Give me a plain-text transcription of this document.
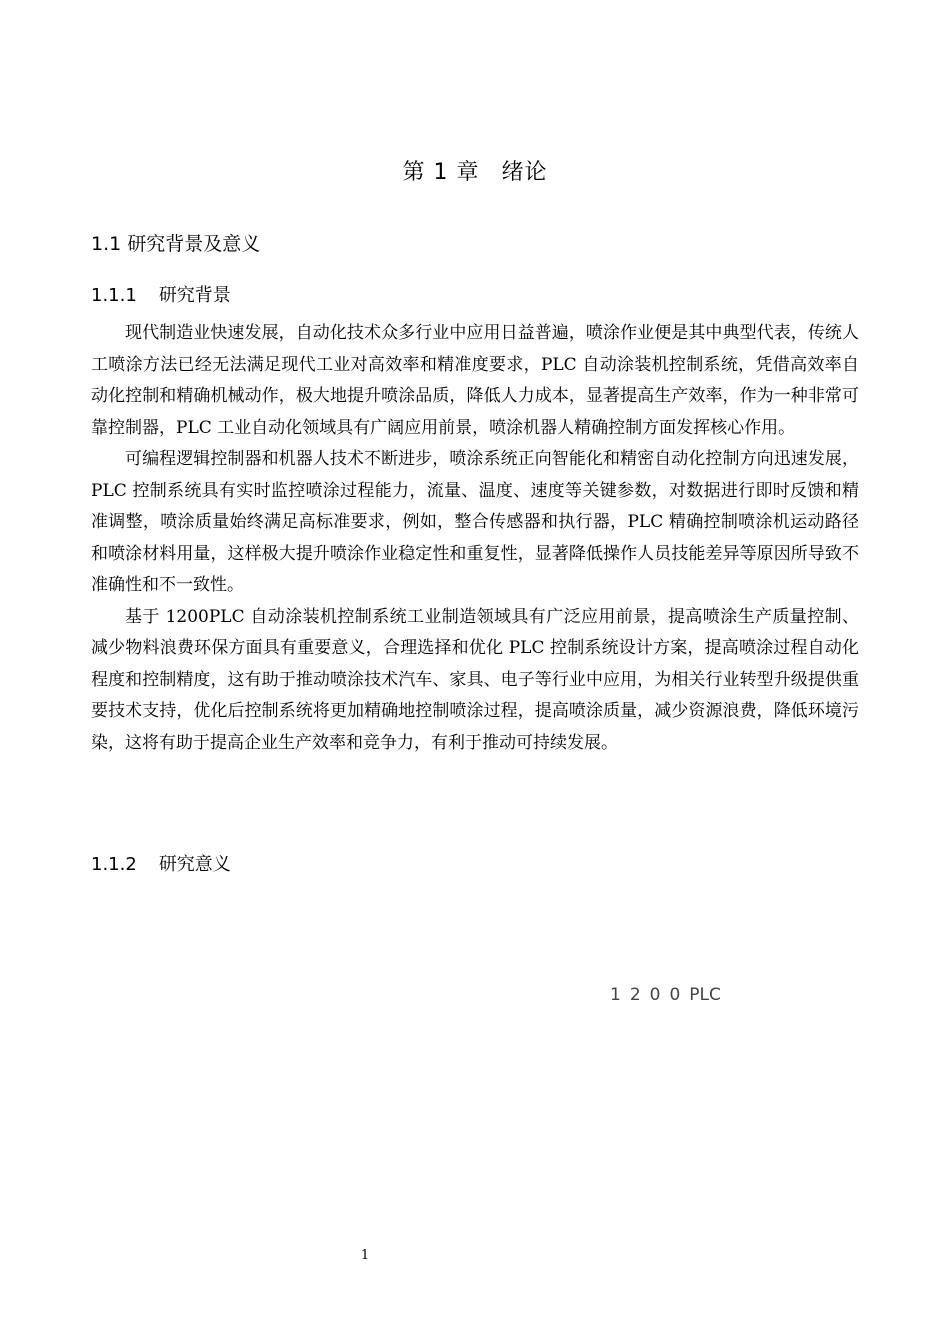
第 1 章 绪论
1.1 研究背景及意义
1.1.1 研究背景

现代制造业快速发展，自动化技术众多行业中应用日益普遍，喷涂作业便是其中典型代表，传统人工喷涂方法已经无法满足现代工业对高效率和精准度要求，PLC 自动涂装机控制系统，凭借高效率自动化控制和精确机械动作，极大地提升喷涂品质，降低人力成本，显著提高生产效率，作为一种非常可靠控制器，PLC 工业自动化领域具有广阔应用前景，喷涂机器人精确控制方面发挥核心作用。

可编程逻辑控制器和机器人技术不断进步，喷涂系统正向智能化和精密自动化控制方向迅速发展，PLC 控制系统具有实时监控喷涂过程能力，流量、温度、速度等关键参数，对数据进行即时反馈和精准调整，喷涂质量始终满足高标准要求，例如，整合传感器和执行器，PLC 精确控制喷涂机运动路径和喷涂材料用量，这样极大提升喷涂作业稳定性和重复性，显著降低操作人员技能差异等原因所导致不准确性和不一致性。

基于 1200PLC 自动涂装机控制系统工业制造领域具有广泛应用前景，提高喷涂生产质量控制、减少物料浪费环保方面具有重要意义，合理选择和优化 PLC 控制系统设计方案，提高喷涂过程自动化程度和控制精度，这有助于推动喷涂技术汽车、家具、电子等行业中应用，为相关行业转型升级提供重要技术支持，优化后控制系统将更加精确地控制喷涂过程，提高喷涂质量，减少资源浪费，降低环境污染，这将有助于提高企业生产效率和竞争力，有利于推动可持续发展。

1.1.2 研究意义
1200PLC
1
